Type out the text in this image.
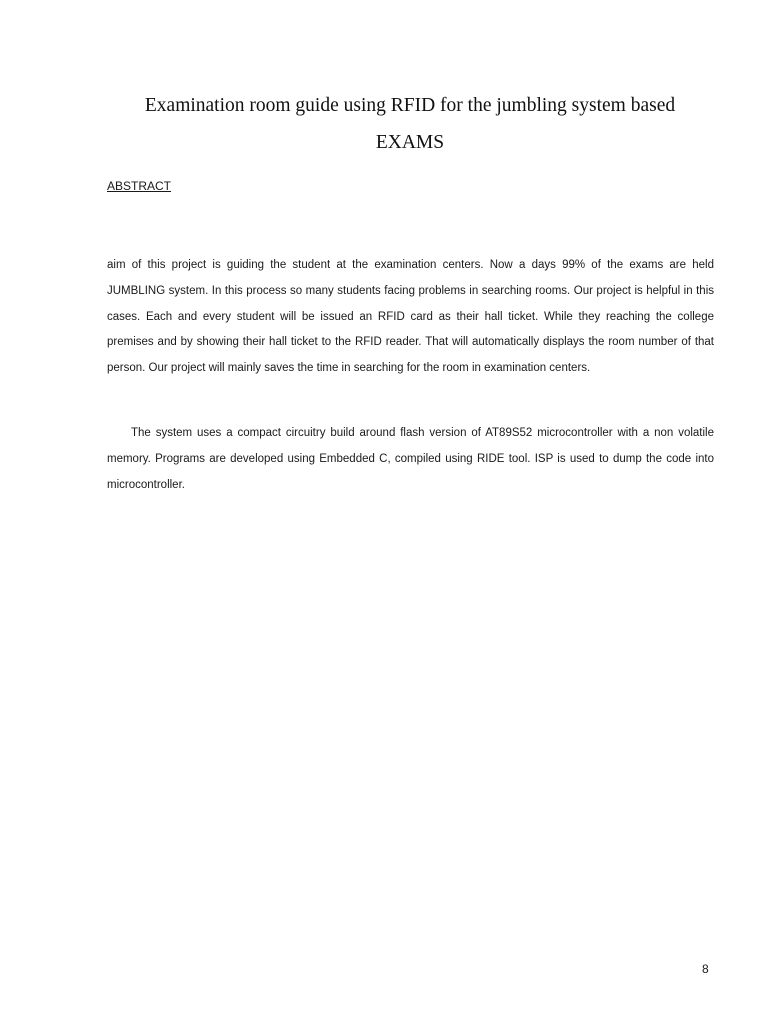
Examination room guide using RFID for the jumbling system based
EXAMS
ABSTRACT

aim of this project is guiding the student at the examination centers. Now a days 99% of the exams are held JUMBLING system. In this process so many students facing problems in searching rooms. Our project is helpful in this cases. Each and every student will be issued an RFID card as their hall ticket. While they reaching the college premises and by showing their hall ticket to the RFID reader. That will automatically displays the room number of that person. Our project will mainly saves the time in searching for the room in examination centers.

The system uses a compact circuitry build around flash version of AT89S52 microcontroller with a non volatile memory. Programs are developed using Embedded C, compiled using RIDE tool. ISP is used to dump the code into microcontroller.

8
